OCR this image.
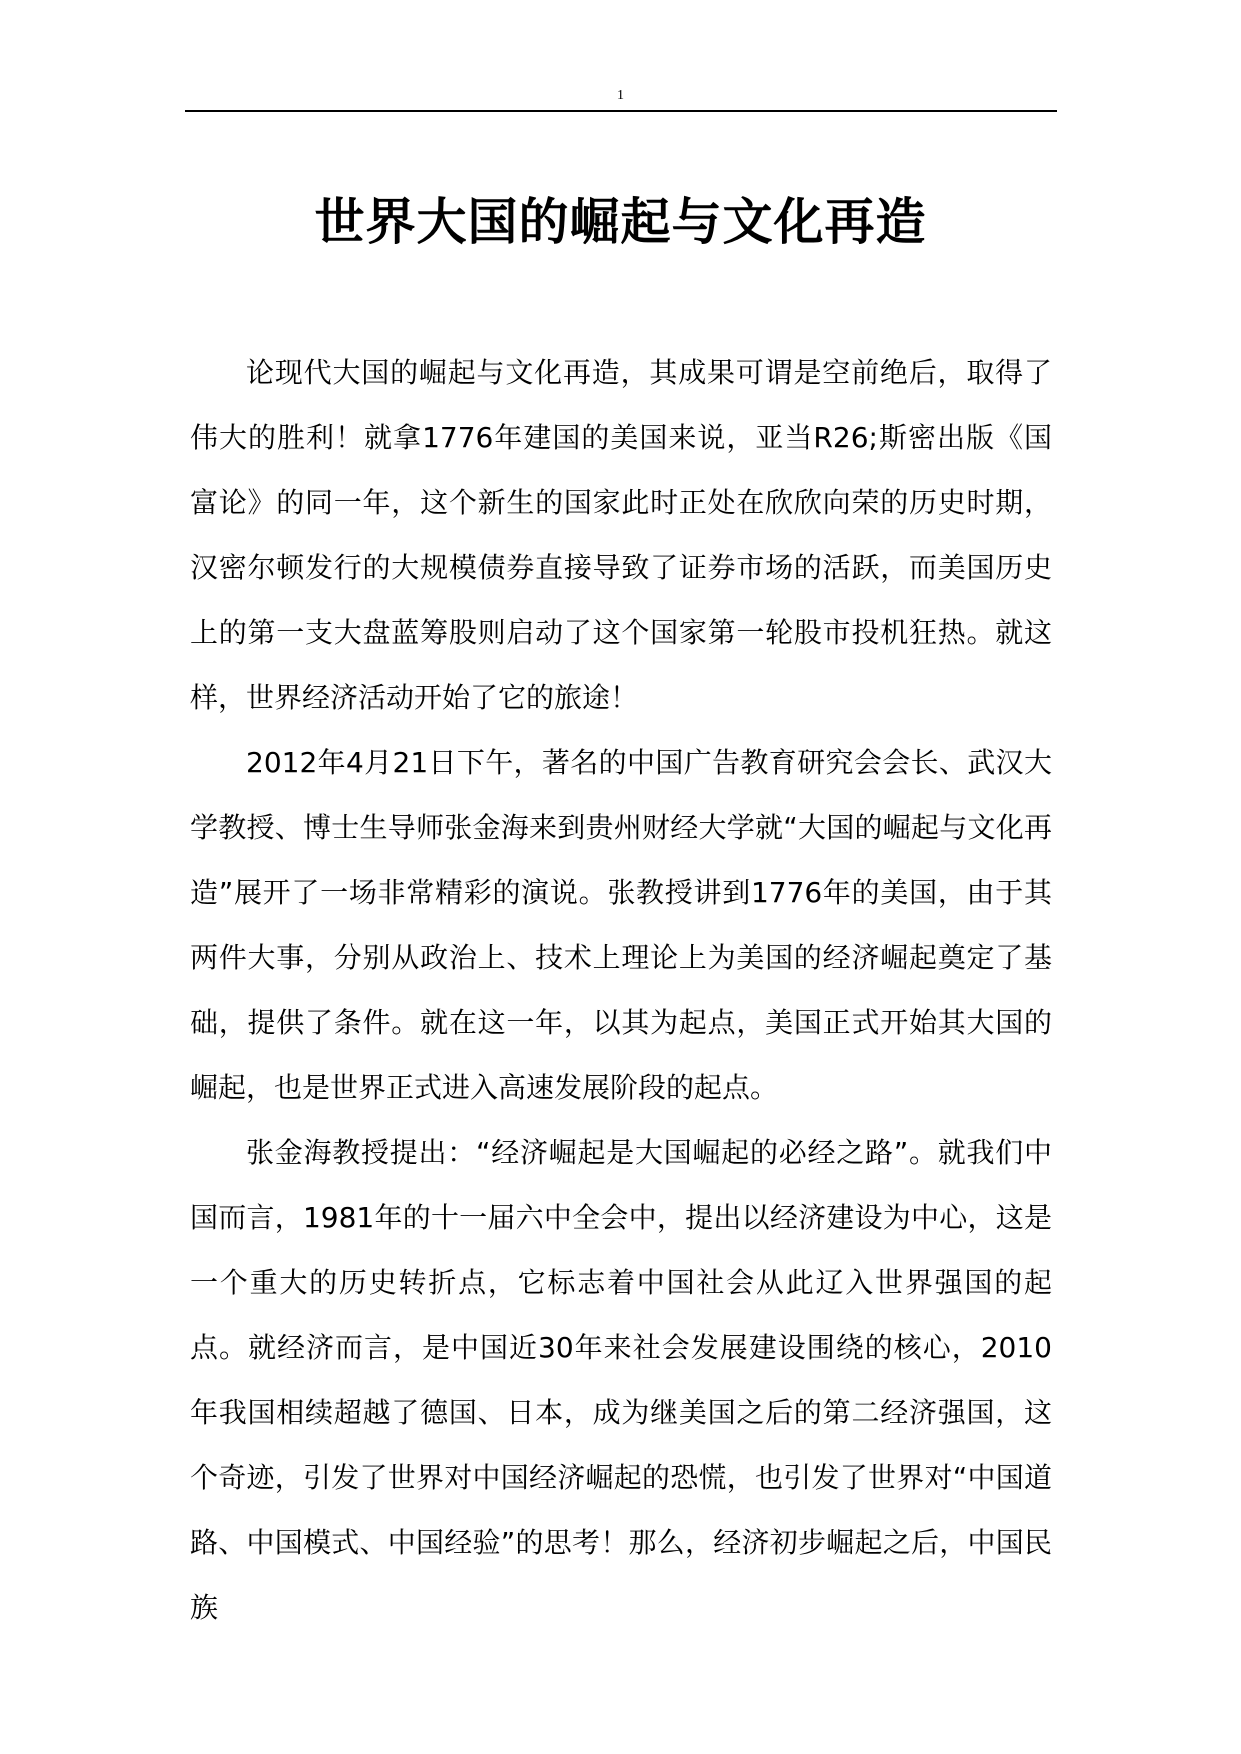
1
世界大国的崛起与文化再造

论现代大国的崛起与文化再造，其成果可谓是空前绝后，取得了伟大的胜利！就拿1776年建国的美国来说，亚当R26;斯密出版《国富论》的同一年，这个新生的国家此时正处在欣欣向荣的历史时期，汉密尔顿发行的大规模债券直接导致了证券市场的活跃，而美国历史上的第一支大盘蓝筹股则启动了这个国家第一轮股市投机狂热。就这样，世界经济活动开始了它的旅途！

2012年4月21日下午，著名的中国广告教育研究会会长、武汉大学教授、博士生导师张金海来到贵州财经大学就“大国的崛起与文化再造”展开了一场非常精彩的演说。张教授讲到1776年的美国，由于其两件大事，分别从政治上、技术上理论上为美国的经济崛起奠定了基础，提供了条件。就在这一年，以其为起点，美国正式开始其大国的崛起，也是世界正式进入高速发展阶段的起点。

张金海教授提出：“经济崛起是大国崛起的必经之路”。就我们中国而言，1981年的十一届六中全会中，提出以经济建设为中心，这是一个重大的历史转折点，它标志着中国社会从此辽入世界强国的起点。就经济而言，是中国近30年来社会发展建设围绕的核心，2010年我国相续超越了德国、日本，成为继美国之后的第二经济强国，这个奇迹，引发了世界对中国经济崛起的恐慌，也引发了世界对“中国道路、中国模式、中国经验”的思考！那么，经济初步崛起之后，中国民族
